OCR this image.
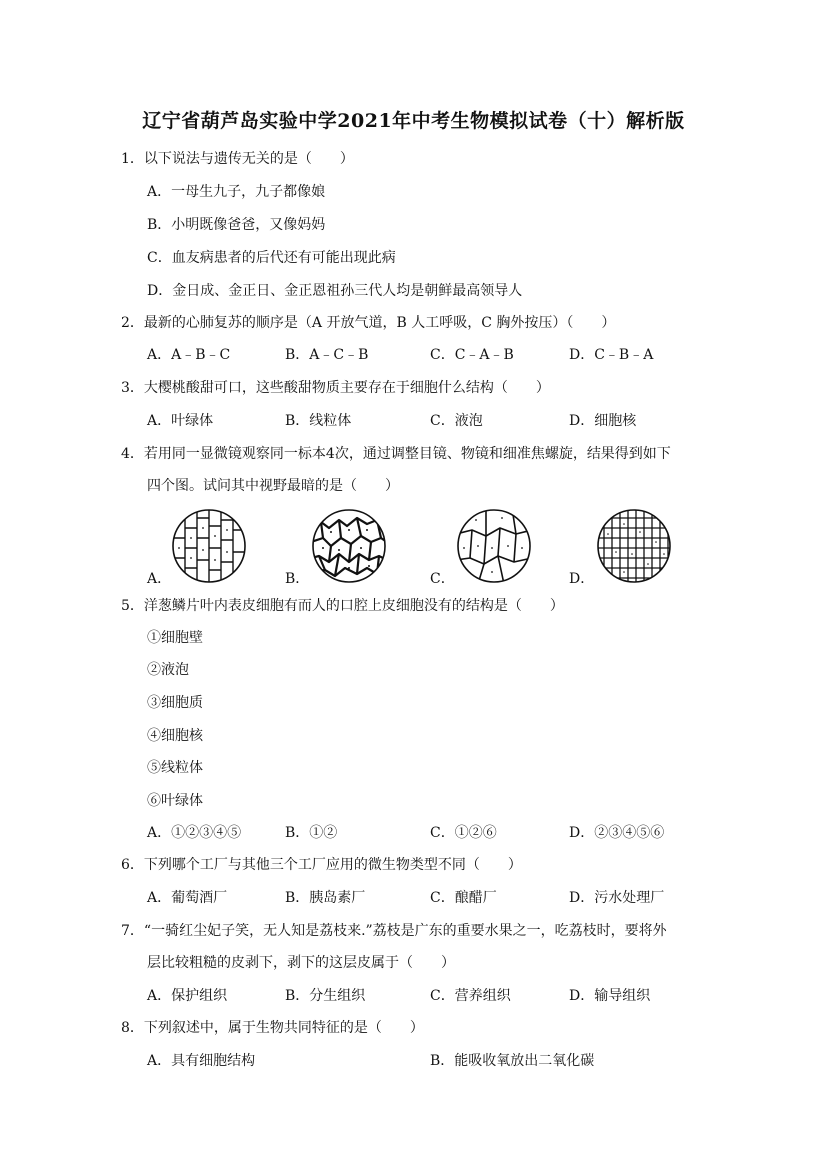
辽宁省葫芦岛实验中学2021年中考生物模拟试卷（十）解析版
1．以下说法与遗传无关的是（　　）
A．一母生九子，九子都像娘
B．小明既像爸爸，又像妈妈
C．血友病患者的后代还有可能出现此病
D．金日成、金正日、金正恩祖孙三代人均是朝鲜最高领导人
2．最新的心肺复苏的顺序是（A 开放气道，B 人工呼吸，C 胸外按压）（　　）
A．A﹣B﹣C	B．A﹣C﹣B	C．C﹣A﹣B	D．C﹣B﹣A
3．大樱桃酸甜可口，这些酸甜物质主要存在于细胞什么结构（　　）
A．叶绿体	B．线粒体	C．液泡	D．细胞核
4．若用同一显微镜观察同一标本4次，通过调整目镜、物镜和细准焦螺旋，结果得到如下
四个图。试问其中视野最暗的是（　　）
A．	B．	C．	D．
5．洋葱鳞片叶内表皮细胞有而人的口腔上皮细胞没有的结构是（　　）
①细胞壁
②液泡
③细胞质
④细胞核
⑤线粒体
⑥叶绿体
A．①②③④⑤	B．①②	C．①②⑥	D．②③④⑤⑥
6．下列哪个工厂与其他三个工厂应用的微生物类型不同（　　）
A．葡萄酒厂	B．胰岛素厂	C．酿醋厂	D．污水处理厂
7．“一骑红尘妃子笑，无人知是荔枝来.”荔枝是广东的重要水果之一，吃荔枝时，要将外
层比较粗糙的皮剥下，剥下的这层皮属于（　　）
A．保护组织	B．分生组织	C．营养组织	D．输导组织
8．下列叙述中，属于生物共同特征的是（　　）
A．具有细胞结构	B．能吸收氧放出二氧化碳
